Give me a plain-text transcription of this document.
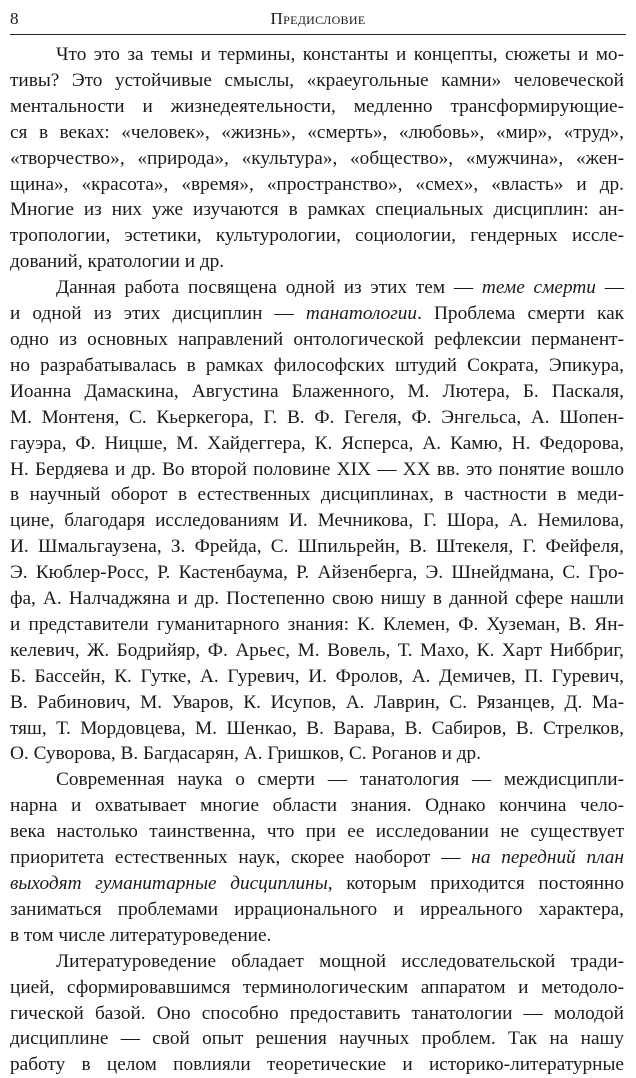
8	Предисловие

Что это за темы и термины, константы и концепты, сюжеты и мо-
тивы? Это устойчивые смыслы, «краеугольные камни» человеческой
ментальности и жизнедеятельности, медленно трансформирующие-
ся в веках: «человек», «жизнь», «смерть», «любовь», «мир», «труд»,
«творчество», «природа», «культура», «общество», «мужчина», «жен-
щина», «красота», «время», «пространство», «смех», «власть» и др.
Многие из них уже изучаются в рамках специальных дисциплин: ан-
тропологии, эстетики, культурологии, социологии, гендерных иссле-
дований, кратологии и др.

Данная работа посвящена одной из этих тем — теме смерти —
и одной из этих дисциплин — танатологии. Проблема смерти как
одно из основных направлений онтологической рефлексии перманент-
но разрабатывалась в рамках философских штудий Сократа, Эпикура,
Иоанна Дамаскина, Августина Блаженного, М. Лютера, Б. Паскаля,
М. Монтеня, С. Кьеркегора, Г. В. Ф. Гегеля, Ф. Энгельса, А. Шопен-
гауэра, Ф. Ницше, М. Хайдеггера, К. Ясперса, А. Камю, Н. Федорова,
Н. Бердяева и др. Во второй половине XIX — XX вв. это понятие вошло
в научный оборот в естественных дисциплинах, в частности в меди-
цине, благодаря исследованиям И. Мечникова, Г. Шора, А. Немилова,
И. Шмальгаузена, З. Фрейда, С. Шпильрейн, В. Штекеля, Г. Фейфеля,
Э. Кюблер-Росс, Р. Кастенбаума, Р. Айзенберга, Э. Шнейдмана, С. Гро-
фа, А. Налчаджяна и др. Постепенно свою нишу в данной сфере нашли
и представители гуманитарного знания: К. Клемен, Ф. Хуземан, В. Ян-
келевич, Ж. Бодрийяр, Ф. Арьес, М. Вовель, Т. Махо, К. Харт Ниббриг,
Б. Бассейн, К. Гутке, А. Гуревич, И. Фролов, А. Демичев, П. Гуревич,
В. Рабинович, М. Уваров, К. Исупов, А. Лаврин, С. Рязанцев, Д. Ма-
тяш, Т. Мордовцева, М. Шенкао, В. Варава, В. Сабиров, В. Стрелков,
О. Суворова, В. Багдасарян, А. Гришков, С. Роганов и др.

Современная наука о смерти — танатология — междисципли-
нарна и охватывает многие области знания. Однако кончина чело-
века настолько таинственна, что при ее исследовании не существует
приоритета естественных наук, скорее наоборот — на передний план
выходят гуманитарные дисциплины, которым приходится постоянно
заниматься проблемами иррационального и ирреального характера,
в том числе литературоведение.

Литературоведение обладает мощной исследовательской тради-
цией, сформировавшимся терминологическим аппаратом и методоло-
гической базой. Оно способно предоставить танатологии — молодой
дисциплине — свой опыт решения научных проблем. Так на нашу
работу в целом повлияли теоретические и историко-литературные
